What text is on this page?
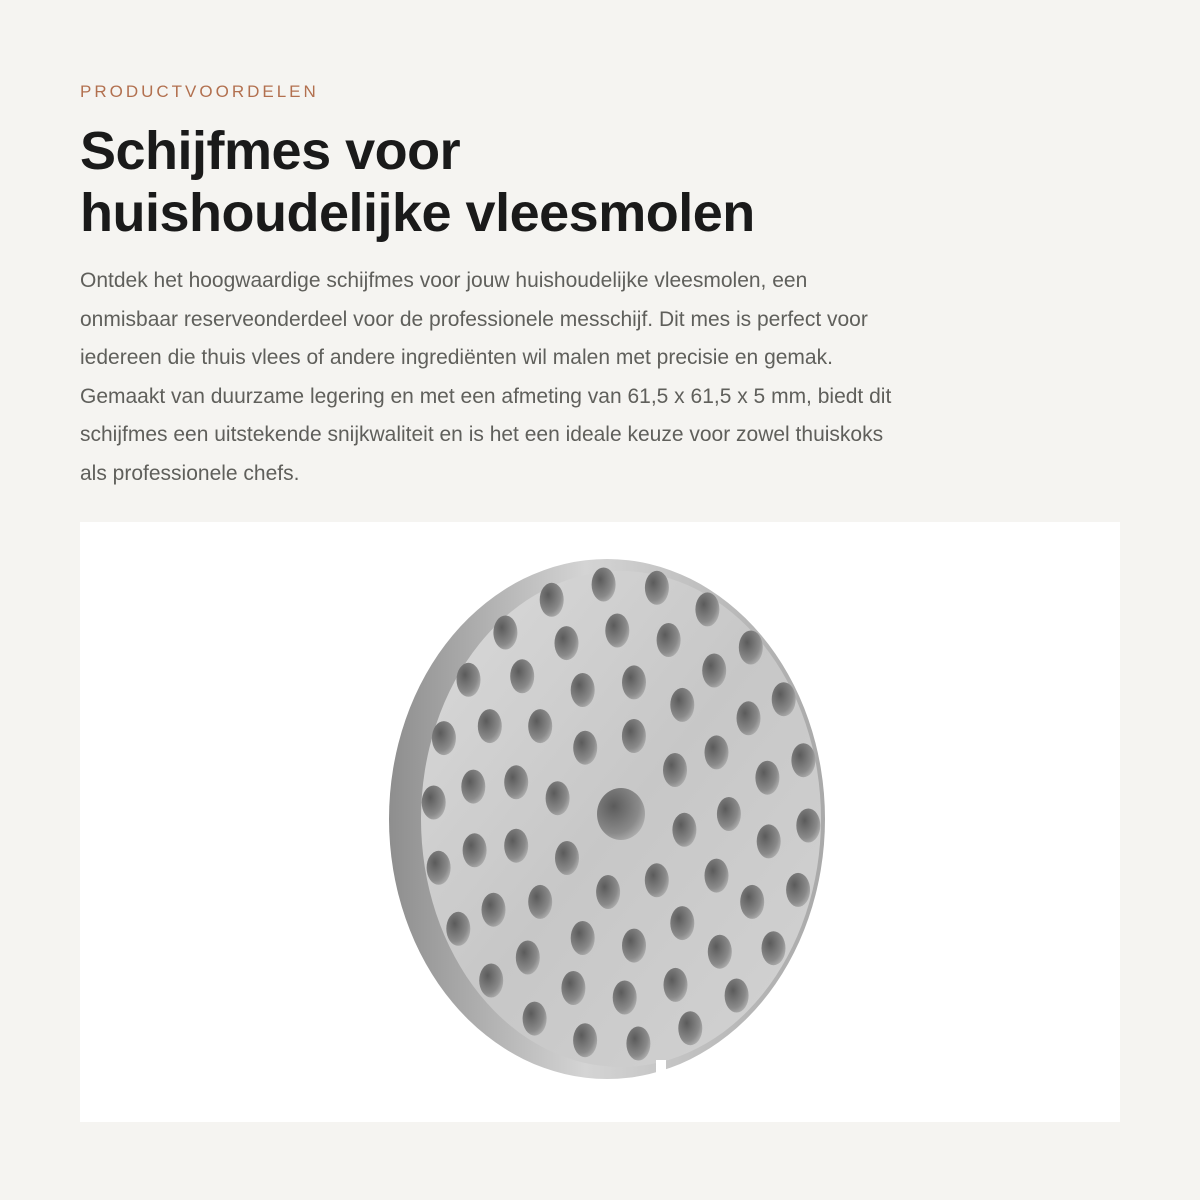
PRODUCTVOORDELEN
Schijfmes voor
huishoudelijke vleesmolen

Ontdek het hoogwaardige schijfmes voor jouw huishoudelijke vleesmolen, een
onmisbaar reserveonderdeel voor de professionele messchijf. Dit mes is perfect voor
iedereen die thuis vlees of andere ingrediënten wil malen met precisie en gemak.
Gemaakt van duurzame legering en met een afmeting van 61,5 x 61,5 x 5 mm, biedt dit
schijfmes een uitstekende snijkwaliteit en is het een ideale keuze voor zowel thuiskoks
als professionele chefs.
